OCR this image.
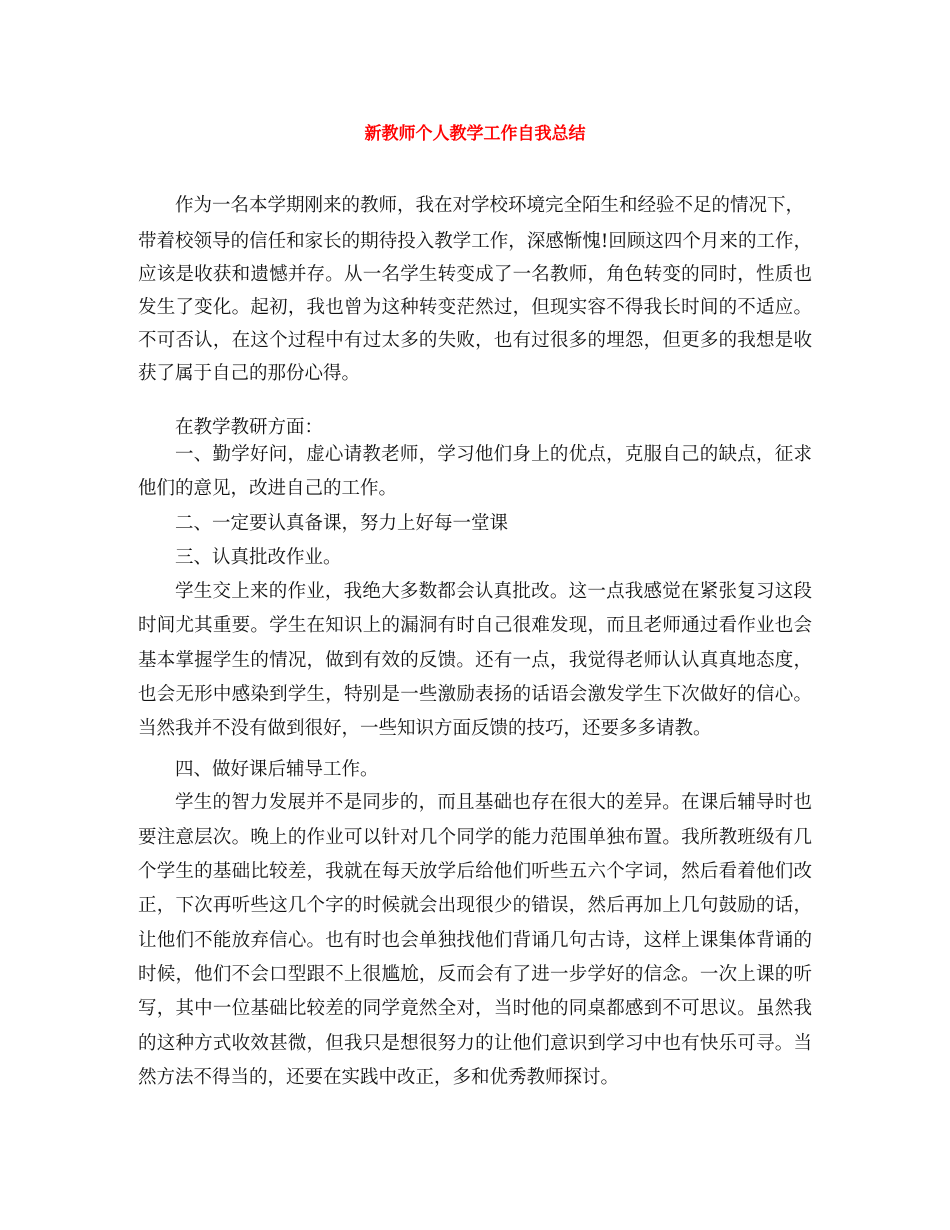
新教师个人教学工作自我总结
作为一名本学期刚来的教师，我在对学校环境完全陌生和经验不足的情况下，
带着校领导的信任和家长的期待投入教学工作，深感惭愧!回顾这四个月来的工作，
应该是收获和遗憾并存。从一名学生转变成了一名教师，角色转变的同时，性质也
发生了变化。起初，我也曾为这种转变茫然过，但现实容不得我长时间的不适应。
不可否认，在这个过程中有过太多的失败，也有过很多的埋怨，但更多的我想是收
获了属于自己的那份心得。
在教学教研方面：
一、勤学好问，虚心请教老师，学习他们身上的优点，克服自己的缺点，征求
他们的意见，改进自己的工作。
二、一定要认真备课，努力上好每一堂课
三、认真批改作业。
学生交上来的作业，我绝大多数都会认真批改。这一点我感觉在紧张复习这段
时间尤其重要。学生在知识上的漏洞有时自己很难发现，而且老师通过看作业也会
基本掌握学生的情况，做到有效的反馈。还有一点，我觉得老师认认真真地态度，
也会无形中感染到学生，特别是一些激励表扬的话语会激发学生下次做好的信心。
当然我并不没有做到很好，一些知识方面反馈的技巧，还要多多请教。
四、做好课后辅导工作。
学生的智力发展并不是同步的，而且基础也存在很大的差异。在课后辅导时也
要注意层次。晚上的作业可以针对几个同学的能力范围单独布置。我所教班级有几
个学生的基础比较差，我就在每天放学后给他们听些五六个字词，然后看着他们改
正，下次再听些这几个字的时候就会出现很少的错误，然后再加上几句鼓励的话，
让他们不能放弃信心。也有时也会单独找他们背诵几句古诗，这样上课集体背诵的
时候，他们不会口型跟不上很尴尬，反而会有了进一步学好的信念。一次上课的听
写，其中一位基础比较差的同学竟然全对，当时他的同桌都感到不可思议。虽然我
的这种方式收效甚微，但我只是想很努力的让他们意识到学习中也有快乐可寻。当
然方法不得当的，还要在实践中改正，多和优秀教师探讨。
